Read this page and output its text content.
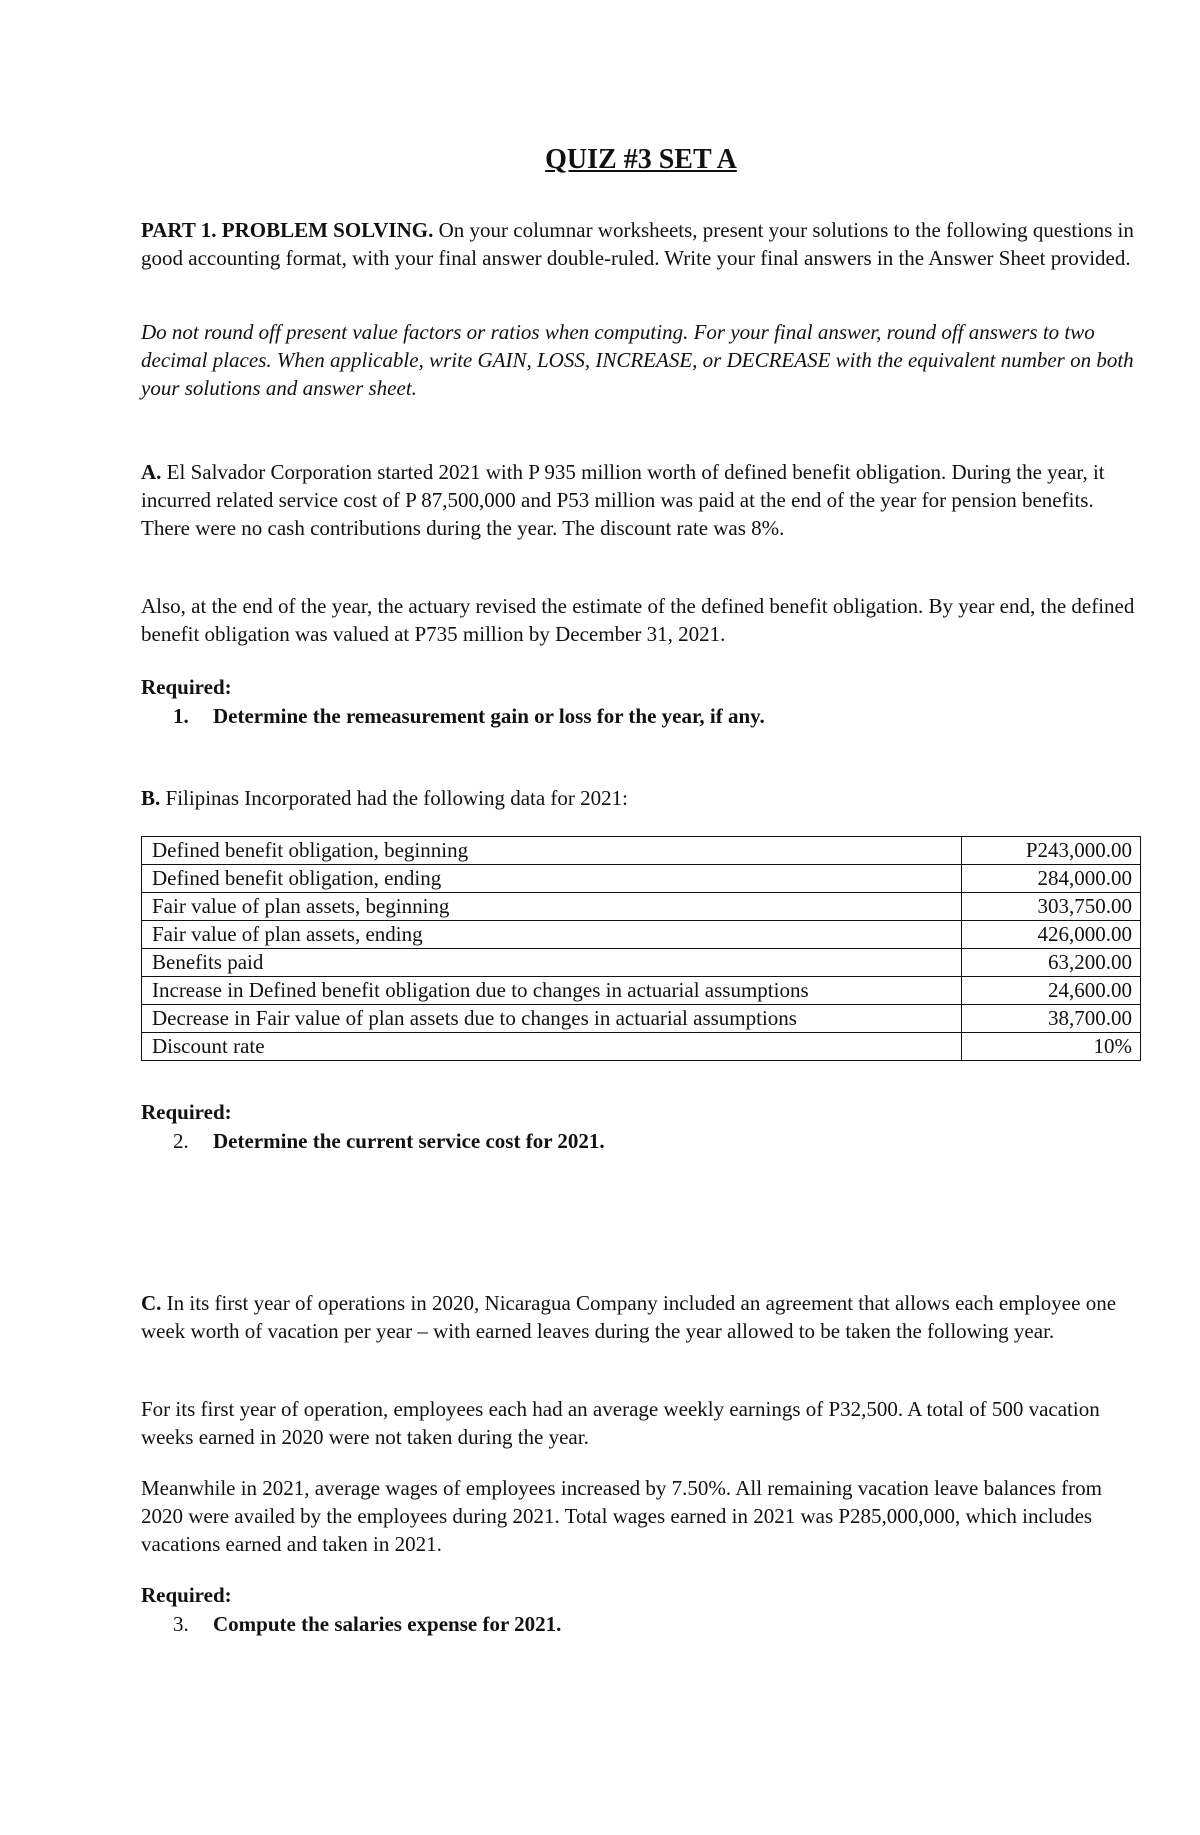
QUIZ #3 SET A

PART 1. PROBLEM SOLVING. On your columnar worksheets, present your solutions to the following questions in good accounting format, with your final answer double-ruled. Write your final answers in the Answer Sheet provided.

Do not round off present value factors or ratios when computing. For your final answer, round off answers to two decimal places. When applicable, write GAIN, LOSS, INCREASE, or DECREASE with the equivalent number on both your solutions and answer sheet.

A. El Salvador Corporation started 2021 with P 935 million worth of defined benefit obligation. During the year, it incurred related service cost of P 87,500,000 and P53 million was paid at the end of the year for pension benefits. There were no cash contributions during the year. The discount rate was 8%.

Also, at the end of the year, the actuary revised the estimate of the defined benefit obligation. By year end, the defined benefit obligation was valued at P735 million by December 31, 2021.

Required:
1. Determine the remeasurement gain or loss for the year, if any.

B. Filipinas Incorporated had the following data for 2021:

Defined benefit obligation, beginning	P243,000.00
Defined benefit obligation, ending	284,000.00
Fair value of plan assets, beginning	303,750.00
Fair value of plan assets, ending	426,000.00
Benefits paid	63,200.00
Increase in Defined benefit obligation due to changes in actuarial assumptions	24,600.00
Decrease in Fair value of plan assets due to changes in actuarial assumptions	38,700.00
Discount rate	10%
Required:
2. Determine the current service cost for 2021.

C. In its first year of operations in 2020, Nicaragua Company included an agreement that allows each employee one week worth of vacation per year – with earned leaves during the year allowed to be taken the following year.

For its first year of operation, employees each had an average weekly earnings of P32,500. A total of 500 vacation weeks earned in 2020 were not taken during the year.

Meanwhile in 2021, average wages of employees increased by 7.50%. All remaining vacation leave balances from 2020 were availed by the employees during 2021. Total wages earned in 2021 was P285,000,000, which includes vacations earned and taken in 2021.

Required:
3. Compute the salaries expense for 2021.
